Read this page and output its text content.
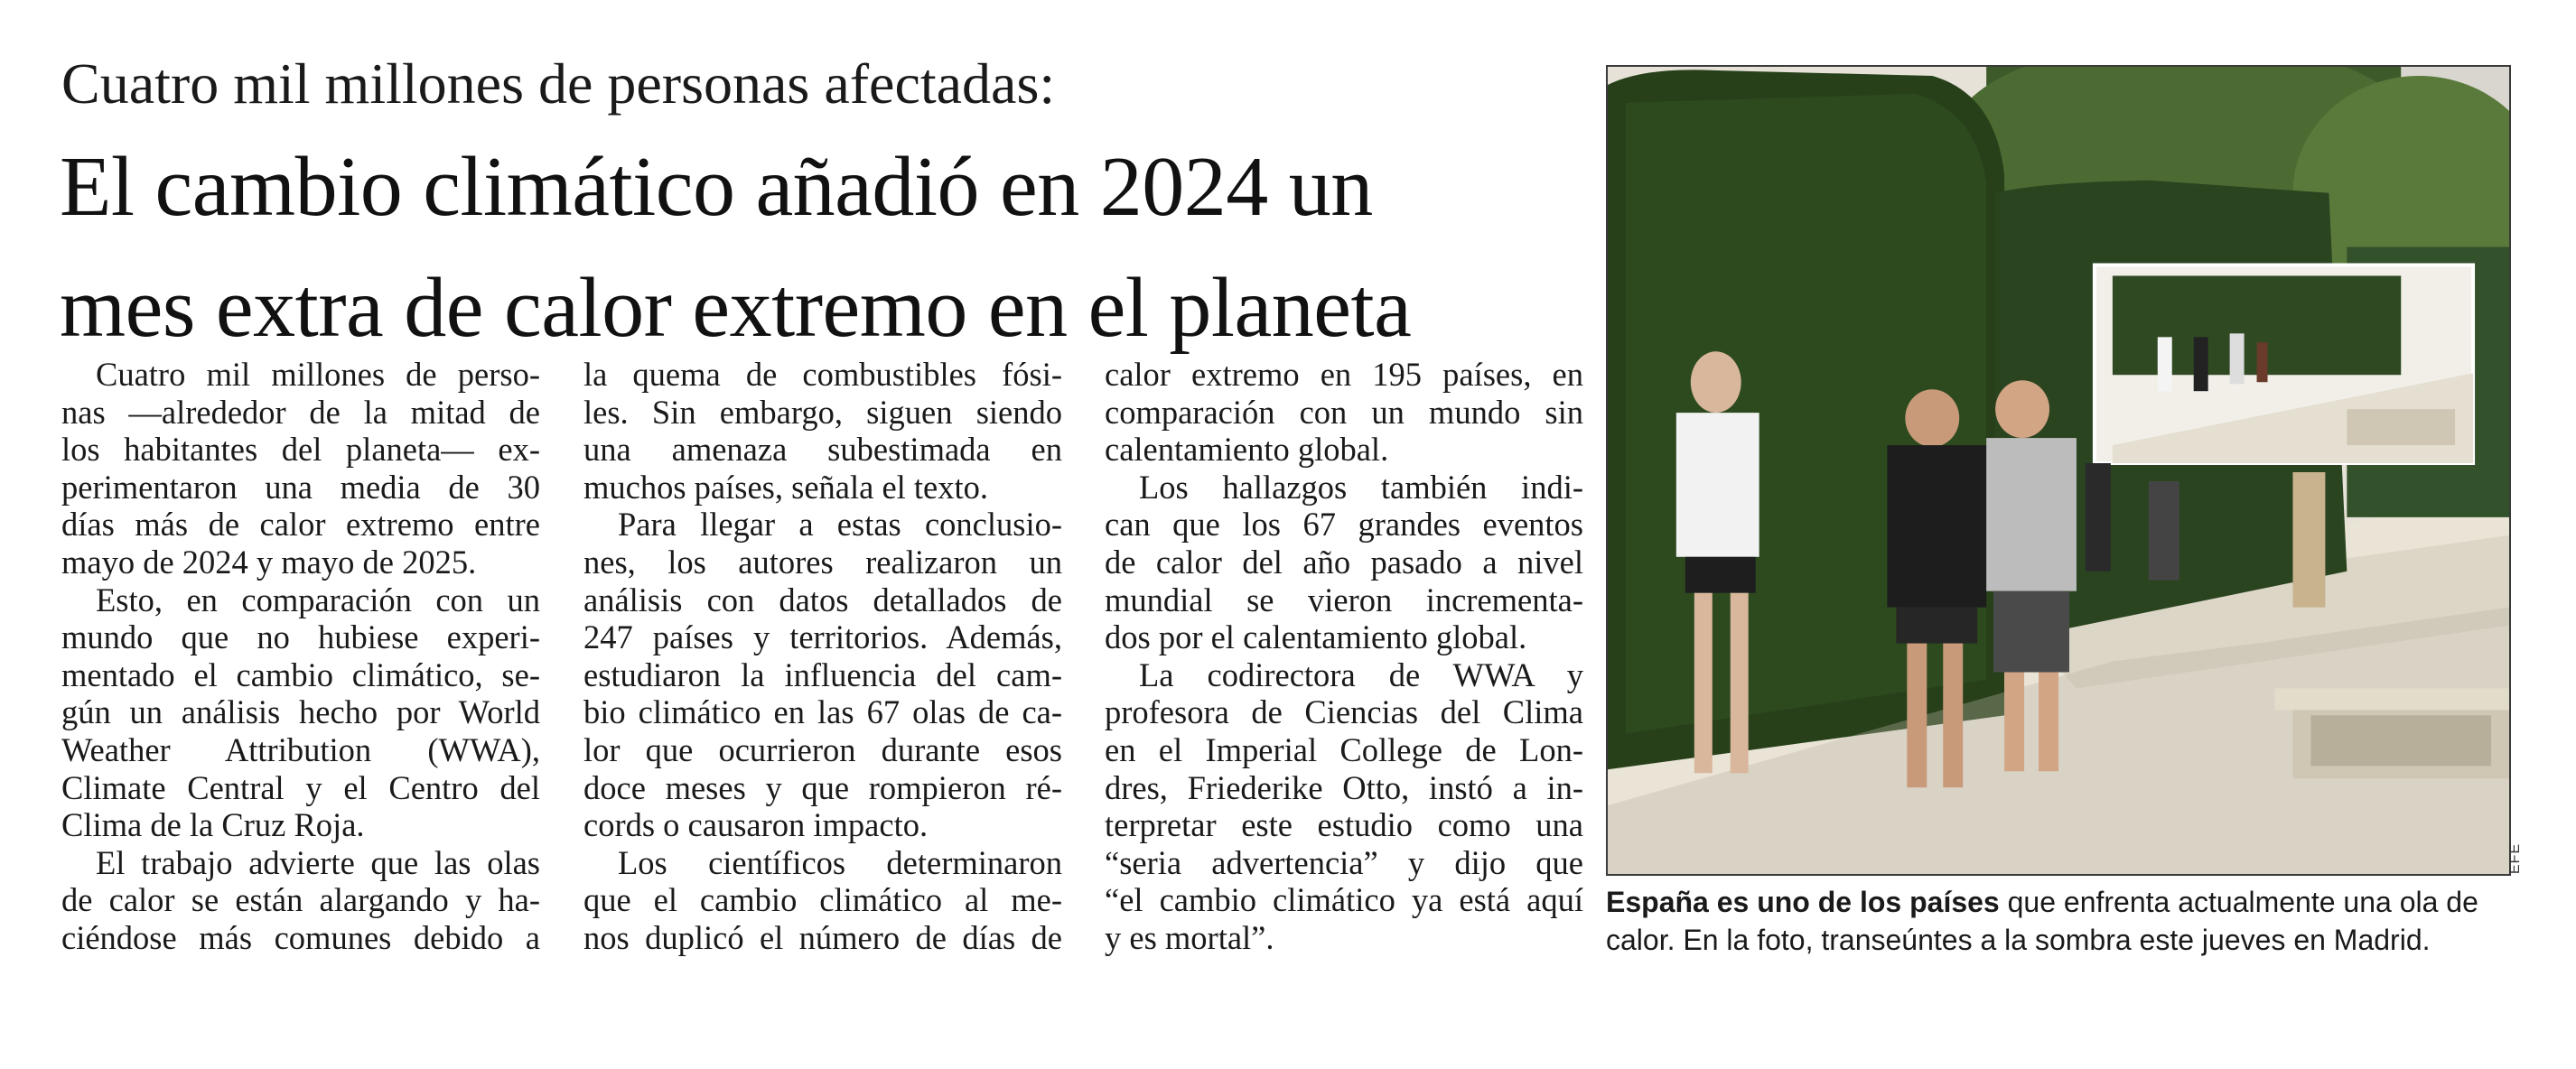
Cuatro mil millones de personas afectadas:
El cambio climático añadió en 2024 un
mes extra de calor extremo en el planeta
Cuatro mil millones de perso-
nas —alrededor de la mitad de
los habitantes del planeta— ex-
perimentaron una media de 30
días más de calor extremo entre
mayo de 2024 y mayo de 2025.
Esto, en comparación con un
mundo que no hubiese experi-
mentado el cambio climático, se-
gún un análisis hecho por World
Weather Attribution (WWA),
Climate Central y el Centro del
Clima de la Cruz Roja.
El trabajo advierte que las olas
de calor se están alargando y ha-
ciéndose más comunes debido a
la quema de combustibles fósi-
les. Sin embargo, siguen siendo
una amenaza subestimada en
muchos países, señala el texto.
Para llegar a estas conclusio-
nes, los autores realizaron un
análisis con datos detallados de
247 países y territorios. Además,
estudiaron la influencia del cam-
bio climático en las 67 olas de ca-
lor que ocurrieron durante esos
doce meses y que rompieron ré-
cords o causaron impacto.
Los científicos determinaron
que el cambio climático al me-
nos duplicó el número de días de
calor extremo en 195 países, en
comparación con un mundo sin
calentamiento global.
Los hallazgos también indi-
can que los 67 grandes eventos
de calor del año pasado a nivel
mundial se vieron incrementa-
dos por el calentamiento global.
La codirectora de WWA y
profesora de Ciencias del Clima
en el Imperial College de Lon-
dres, Friederike Otto, instó a in-
terpretar este estudio como una
“seria advertencia” y dijo que
“el cambio climático ya está aquí
y es mortal”.
EFE
España es uno de los países que enfrenta actualmente una ola de
calor. En la foto, transeúntes a la sombra este jueves en Madrid.
